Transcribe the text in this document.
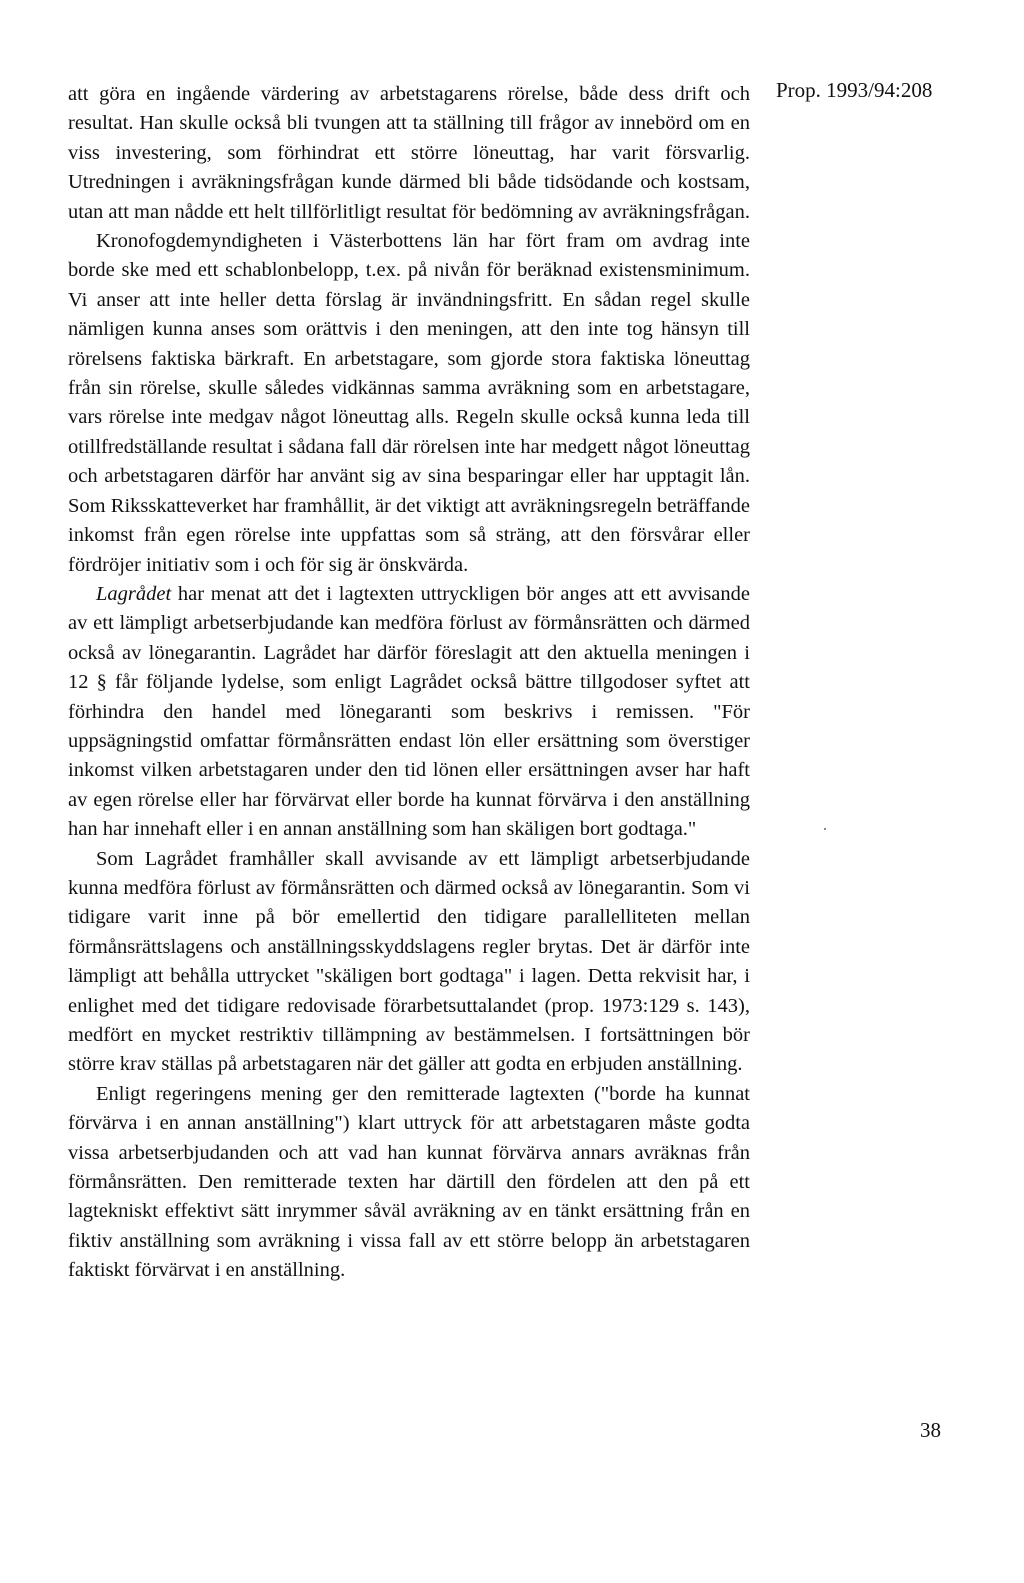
Prop. 1993/94:208

att göra en ingående värdering av arbetstagarens rörelse, både dess drift och resultat. Han skulle också bli tvungen att ta ställning till frågor av innebörd om en viss investering, som förhindrat ett större löneuttag, har varit försvarlig. Utredningen i avräkningsfrågan kunde därmed bli både tidsödande och kostsam, utan att man nådde ett helt tillförlitligt resultat för bedömning av avräkningsfrågan.

Kronofogdemyndigheten i Västerbottens län har fört fram om avdrag inte borde ske med ett schablonbelopp, t.ex. på nivån för beräknad existensminimum. Vi anser att inte heller detta förslag är invändningsfritt. En sådan regel skulle nämligen kunna anses som orättvis i den meningen, att den inte tog hänsyn till rörelsens faktiska bärkraft. En arbetstagare, som gjorde stora faktiska löneuttag från sin rörelse, skulle således vidkännas samma avräkning som en arbetstagare, vars rörelse inte medgav något löneuttag alls. Regeln skulle också kunna leda till otillfredställande resultat i sådana fall där rörelsen inte har medgett något löneuttag och arbetstagaren därför har använt sig av sina besparingar eller har upptagit lån. Som Riksskatteverket har framhållit, är det viktigt att avräkningsregeln beträffande inkomst från egen rörelse inte uppfattas som så sträng, att den försvårar eller fördröjer initiativ som i och för sig är önskvärda.

Lagrådet har menat att det i lagtexten uttryckligen bör anges att ett avvisande av ett lämpligt arbetserbjudande kan medföra förlust av förmånsrätten och därmed också av lönegarantin. Lagrådet har därför föreslagit att den aktuella meningen i 12 § får följande lydelse, som enligt Lagrådet också bättre tillgodoser syftet att förhindra den handel med lönegaranti som beskrivs i remissen. "För uppsägningstid omfattar förmånsrätten endast lön eller ersättning som överstiger inkomst vilken arbetstagaren under den tid lönen eller ersättningen avser har haft av egen rörelse eller har förvärvat eller borde ha kunnat förvärva i den anställning han har innehaft eller i en annan anställning som han skäligen bort godtaga."

Som Lagrådet framhåller skall avvisande av ett lämpligt arbetserbjudande kunna medföra förlust av förmånsrätten och därmed också av lönegarantin. Som vi tidigare varit inne på bör emellertid den tidigare parallelliteten mellan förmånsrättslagens och anställningsskyddslagens regler brytas. Det är därför inte lämpligt att behålla uttrycket "skäligen bort godtaga" i lagen. Detta rekvisit har, i enlighet med det tidigare redovisade förarbetsuttalandet (prop. 1973:129 s. 143), medfört en mycket restriktiv tillämpning av bestämmelsen. I fortsättningen bör större krav ställas på arbetstagaren när det gäller att godta en erbjuden anställning.

Enligt regeringens mening ger den remitterade lagtexten ("borde ha kunnat förvärva i en annan anställning") klart uttryck för att arbetstagaren måste godta vissa arbetserbjudanden och att vad han kunnat förvärva annars avräknas från förmånsrätten. Den remitterade texten har därtill den fördelen att den på ett lagtekniskt effektivt sätt inrymmer såväl avräkning av en tänkt ersättning från en fiktiv anställning som avräkning i vissa fall av ett större belopp än arbetstagaren faktiskt förvärvat i en anställning.

38
